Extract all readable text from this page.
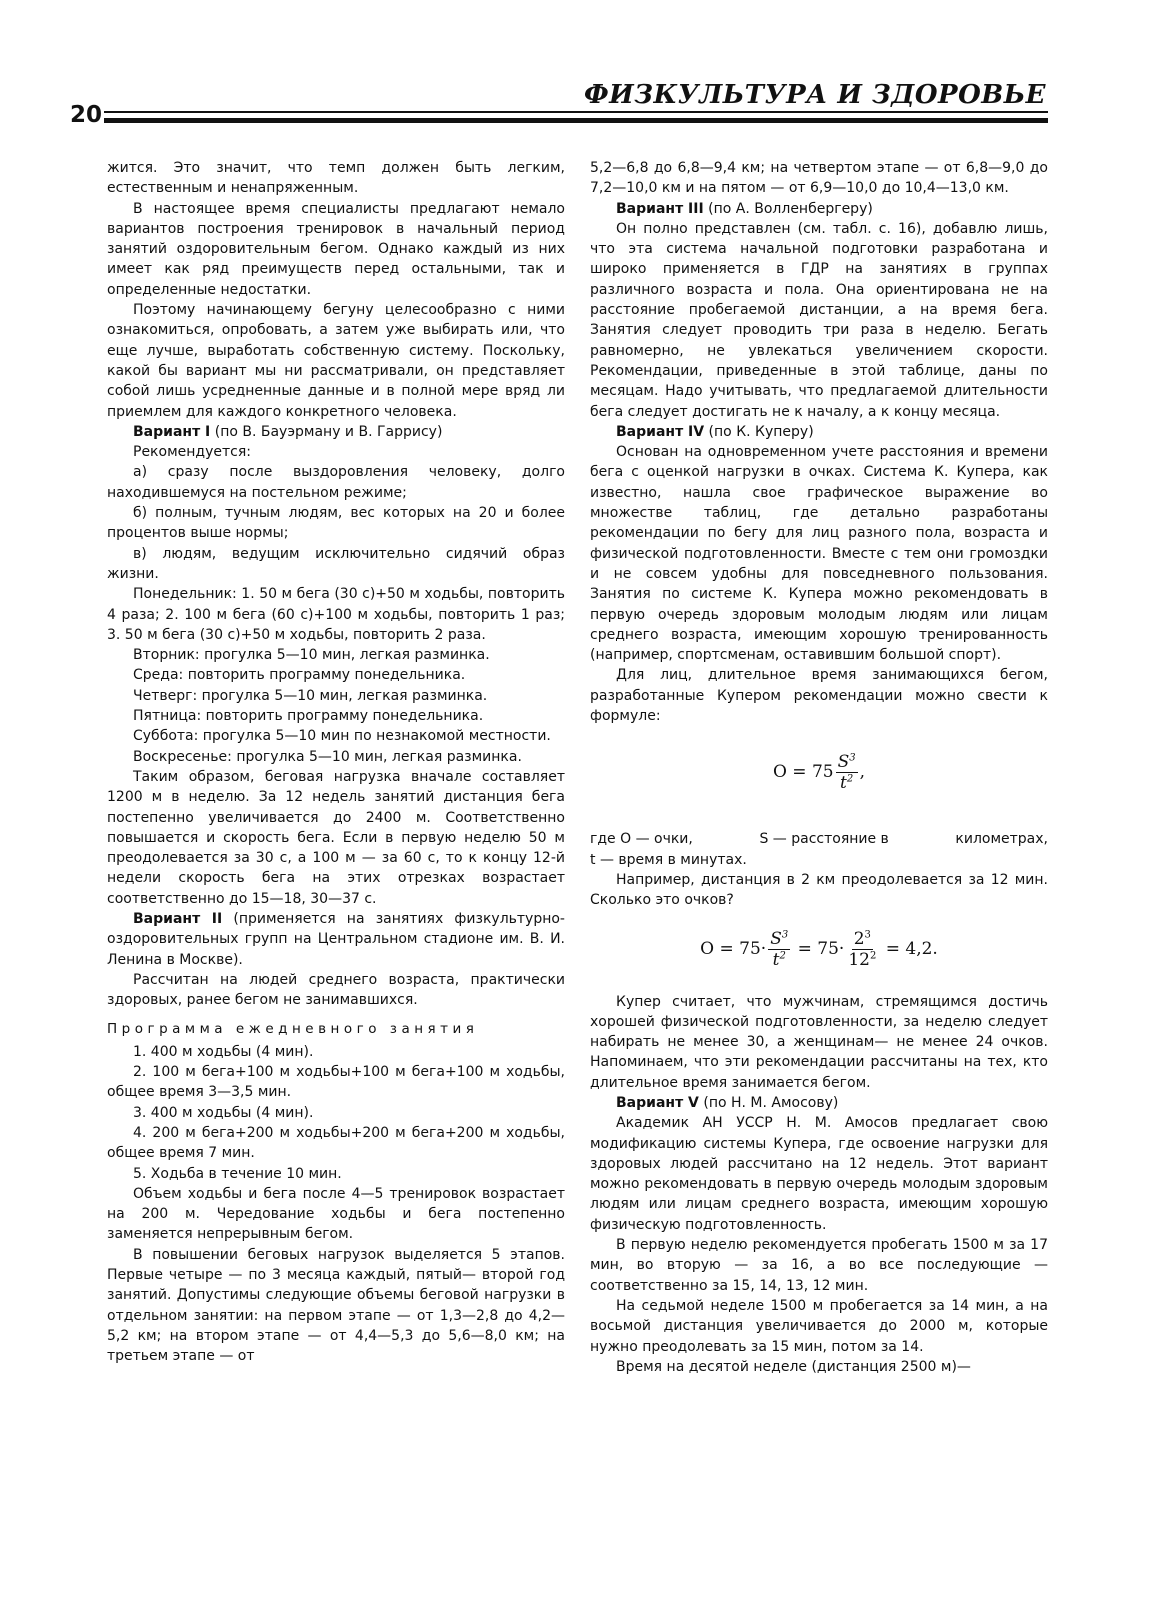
20
ФИЗКУЛЬТУРА И ЗДОРОВЬЕ

жится. Это значит, что темп должен быть легким, естественным и ненапряженным.

В настоящее время специалисты предлагают немало вариантов построения тренировок в начальный период занятий оздоровительным бегом. Однако каждый из них имеет как ряд преимуществ перед остальными, так и определенные недостатки.

Поэтому начинающему бегуну целесообразно с ними ознакомиться, опробовать, а затем уже выбирать или, что еще лучше, выработать собственную систему. Поскольку, какой бы вариант мы ни рассматривали, он представляет собой лишь усредненные данные и в полной мере вряд ли приемлем для каждого конкретного человека.

Вариант I (по В. Бауэрману и В. Гаррису)

Рекомендуется:

а) сразу после выздоровления человеку, долго находившемуся на постельном режиме;

б) полным, тучным людям, вес которых на 20 и более процентов выше нормы;

в) людям, ведущим исключительно сидячий образ жизни.

Понедельник: 1. 50 м бега (30 с)+50 м ходьбы, повторить 4 раза; 2. 100 м бега (60 с)+100 м ходьбы, повторить 1 раз; 3. 50 м бега (30 с)+50 м ходьбы, повторить 2 раза.

Вторник: прогулка 5—10 мин, легкая разминка.

Среда: повторить программу понедельника.

Четверг: прогулка 5—10 мин, легкая разминка.

Пятница: повторить программу понедельника.

Суббота: прогулка 5—10 мин по незнакомой местности.

Воскресенье: прогулка 5—10 мин, легкая разминка.

Таким образом, беговая нагрузка вначале составляет 1200 м в неделю. За 12 недель занятий дистанция бега постепенно увеличивается до 2400 м. Соответственно повышается и скорость бега. Если в первую неделю 50 м преодолевается за 30 с, а 100 м — за 60 с, то к концу 12-й недели скорость бега на этих отрезках возрастает соответственно до 15—18, 30—37 с.

Вариант II (применяется на занятиях физкультурно-оздоровительных групп на Центральном стадионе им. В. И. Ленина в Москве).

Рассчитан на людей среднего возраста, практически здоровых, ранее бегом не занимавшихся.

Программа ежедневного занятия

1. 400 м ходьбы (4 мин).

2. 100 м бега+100 м ходьбы+100 м бега+100 м ходьбы, общее время 3—3,5 мин.

3. 400 м ходьбы (4 мин).

4. 200 м бега+200 м ходьбы+200 м бега+200 м ходьбы, общее время 7 мин.

5. Ходьба в течение 10 мин.

Объем ходьбы и бега после 4—5 тренировок возрастает на 200 м. Чередование ходьбы и бега постепенно заменяется непрерывным бегом.

В повышении беговых нагрузок выделяется 5 этапов. Первые четыре — по 3 месяца каждый, пятый— второй год занятий. Допустимы следующие объемы беговой нагрузки в отдельном занятии: на первом этапе — от 1,3—2,8 до 4,2—5,2 км; на втором этапе — от 4,4—5,3 до 5,6—8,0 км; на третьем этапе — от

5,2—6,8 до 6,8—9,4 км; на четвертом этапе — от 6,8—9,0 до 7,2—10,0 км и на пятом — от 6,9—10,0 до 10,4—13,0 км.

Вариант III (по А. Волленбергеру)

Он полно представлен (см. табл. с. 16), добавлю лишь, что эта система начальной подготовки разработана и широко применяется в ГДР на занятиях в группах различного возраста и пола. Она ориентирована не на расстояние пробегаемой дистанции, а на время бега. Занятия следует проводить три раза в неделю. Бегать равномерно, не увлекаться увеличением скорости. Рекомендации, приведенные в этой таблице, даны по месяцам. Надо учитывать, что предлагаемой длительности бега следует достигать не к началу, а к концу месяца.

Вариант IV (по К. Куперу)

Основан на одновременном учете расстояния и времени бега с оценкой нагрузки в очках. Система К. Купера, как известно, нашла свое графическое выражение во множестве таблиц, где детально разработаны рекомендации по бегу для лиц разного пола, возраста и физической подготовленности. Вместе с тем они громоздки и не совсем удобны для повседневного пользования. Занятия по системе К. Купера можно рекомендовать в первую очередь здоровым молодым людям или лицам среднего возраста, имеющим хорошую тренированность (например, спортсменам, оставившим большой спорт).

Для лиц, длительное время занимающихся бегом, разработанные Купером рекомендации можно свести к формуле:

$О = 75 \frac{S^3}{t^2}$ ,

где О — очки,	S — расстояние в	километрах,

t — время в минутах.

Например, дистанция в 2 км преодолевается за 12 мин. Сколько это очков?

$О = 75\cdot \frac{S^3}{t^2} = 75\cdot \frac{2^3}{12^2} = 4,2$.

Купер считает, что мужчинам, стремящимся достичь хорошей физической подготовленности, за неделю следует набирать не менее 30, а женщинам— не менее 24 очков. Напоминаем, что эти рекомендации рассчитаны на тех, кто длительное время занимается бегом.

Вариант V (по Н. М. Амосову)

Академик АН УССР Н. М. Амосов предлагает свою модификацию системы Купера, где освоение нагрузки для здоровых людей рассчитано на 12 недель. Этот вариант можно рекомендовать в первую очередь молодым здоровым людям или лицам среднего возраста, имеющим хорошую физическую подготовленность.

В первую неделю рекомендуется пробегать 1500 м за 17 мин, во вторую — за 16, а во все последующие — соответственно за 15, 14, 13, 12 мин.

На седьмой неделе 1500 м пробегается за 14 мин, а на восьмой дистанция увеличивается до 2000 м, которые нужно преодолевать за 15 мин, потом за 14.

Время на десятой неделе (дистанция 2500 м)—
